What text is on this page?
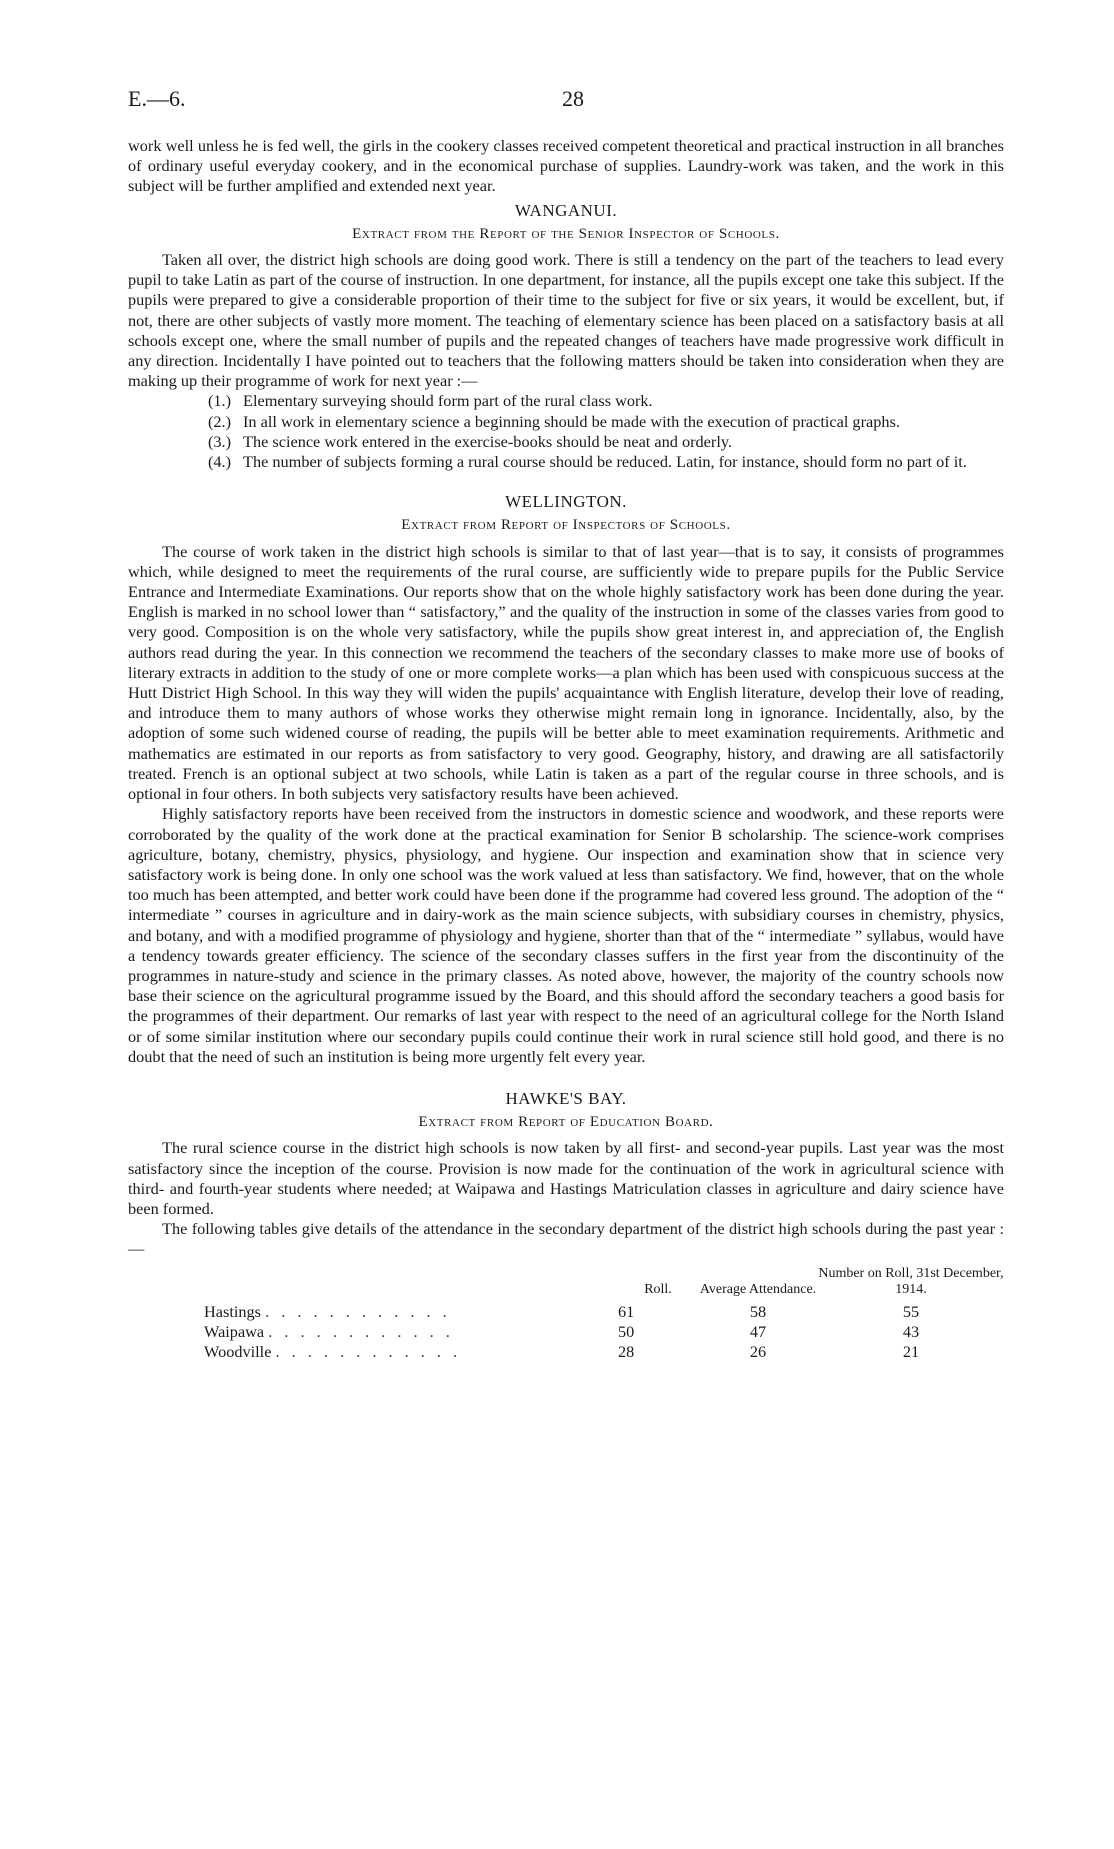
E.—6.	28

work well unless he is fed well, the girls in the cookery classes received competent theoretical and practical instruction in all branches of ordinary useful everyday cookery, and in the economical purchase of supplies. Laundry-work was taken, and the work in this subject will be further amplified and extended next year.

WANGANUI.
Extract from the Report of the Senior Inspector of Schools.

Taken all over, the district high schools are doing good work. There is still a tendency on the part of the teachers to lead every pupil to take Latin as part of the course of instruction. In one department, for instance, all the pupils except one take this subject. If the pupils were prepared to give a considerable proportion of their time to the subject for five or six years, it would be excellent, but, if not, there are other subjects of vastly more moment. The teaching of elementary science has been placed on a satisfactory basis at all schools except one, where the small number of pupils and the repeated changes of teachers have made progressive work difficult in any direction. Incidentally I have pointed out to teachers that the following matters should be taken into consideration when they are making up their programme of work for next year :—

(1.) Elementary surveying should form part of the rural class work.
(2.) In all work in elementary science a beginning should be made with the execution of practical graphs.
(3.) The science work entered in the exercise-books should be neat and orderly.
(4.) The number of subjects forming a rural course should be reduced. Latin, for instance, should form no part of it.
WELLINGTON.
Extract from Report of Inspectors of Schools.

The course of work taken in the district high schools is similar to that of last year—that is to say, it consists of programmes which, while designed to meet the requirements of the rural course, are sufficiently wide to prepare pupils for the Public Service Entrance and Intermediate Examinations. Our reports show that on the whole highly satisfactory work has been done during the year. English is marked in no school lower than “ satisfactory,” and the quality of the instruction in some of the classes varies from good to very good. Composition is on the whole very satisfactory, while the pupils show great interest in, and appreciation of, the English authors read during the year. In this connection we recommend the teachers of the secondary classes to make more use of books of literary extracts in addition to the study of one or more complete works—a plan which has been used with conspicuous success at the Hutt District High School. In this way they will widen the pupils' acquaintance with English literature, develop their love of reading, and introduce them to many authors of whose works they otherwise might remain long in ignorance. Incidentally, also, by the adoption of some such widened course of reading, the pupils will be better able to meet examination requirements. Arithmetic and mathematics are estimated in our reports as from satisfactory to very good. Geography, history, and drawing are all satisfactorily treated. French is an optional subject at two schools, while Latin is taken as a part of the regular course in three schools, and is optional in four others. In both subjects very satisfactory results have been achieved.

Highly satisfactory reports have been received from the instructors in domestic science and woodwork, and these reports were corroborated by the quality of the work done at the practical examination for Senior B scholarship. The science-work comprises agriculture, botany, chemistry, physics, physiology, and hygiene. Our inspection and examination show that in science very satisfactory work is being done. In only one school was the work valued at less than satisfactory. We find, however, that on the whole too much has been attempted, and better work could have been done if the programme had covered less ground. The adoption of the “ intermediate ” courses in agriculture and in dairy-work as the main science subjects, with subsidiary courses in chemistry, physics, and botany, and with a modified programme of physiology and hygiene, shorter than that of the “ intermediate ” syllabus, would have a tendency towards greater efficiency. The science of the secondary classes suffers in the first year from the discontinuity of the programmes in nature-study and science in the primary classes. As noted above, however, the majority of the country schools now base their science on the agricultural programme issued by the Board, and this should afford the secondary teachers a good basis for the programmes of their department. Our remarks of last year with respect to the need of an agricultural college for the North Island or of some similar institution where our secondary pupils could continue their work in rural science still hold good, and there is no doubt that the need of such an institution is being more urgently felt every year.

HAWKE'S BAY.
Extract from Report of Education Board.

The rural science course in the district high schools is now taken by all first- and second-year pupils. Last year was the most satisfactory since the inception of the course. Provision is now made for the continuation of the work in agricultural science with third- and fourth-year students where needed; at Waipawa and Hastings Matriculation classes in agriculture and dairy science have been formed.

The following tables give details of the attendance in the secondary department of the district high schools during the past year :—

	Roll.	Average Attendance.	Number on Roll, 31st December, 1914.
Hastings . . . . . . . . . . . .	61	58	55
Waipawa . . . . . . . . . . . .	50	47	43
Woodville . . . . . . . . . . . .	28	26	21
